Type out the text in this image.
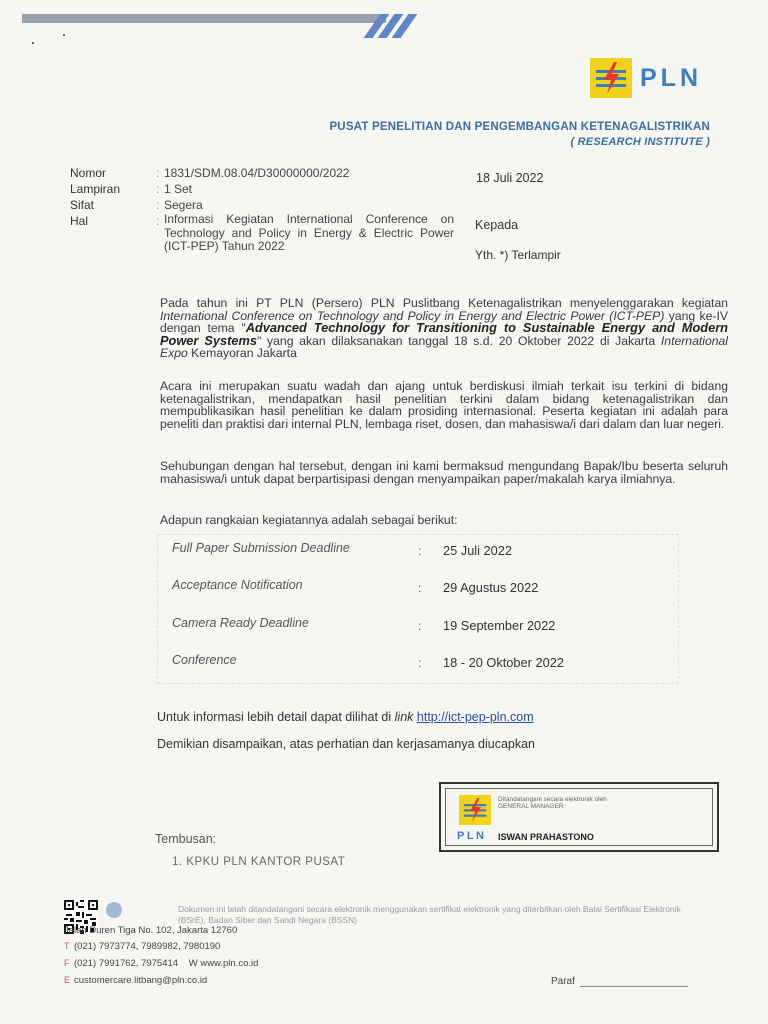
PLN
PUSAT PENELITIAN DAN PENGEMBANGAN KETENAGALISTRIKAN
( RESEARCH INSTITUTE )
Nomor	: 1831/SDM.08.04/D30000000/2022
Lampiran	: 1 Set
Sifat	: Segera
Hal	: Informasi Kegiatan International Conference on Technology and Policy in Energy & Electric Power (ICT-PEP) Tahun 2022
18 Juli 2022
Kepada
Yth. *) Terlampir
Pada tahun ini PT PLN (Persero) PLN Puslitbang Ketenagalistrikan menyelenggarakan kegiatan International Conference on Technology and Policy in Energy and Electric Power (ICT-PEP) yang ke-IV dengan tema "Advanced Technology for Transitioning to Sustainable Energy and Modern Power Systems" yang akan dilaksanakan tanggal 18 s.d. 20 Oktober 2022 di Jakarta International Expo Kemayoran Jakarta
Acara ini merupakan suatu wadah dan ajang untuk berdiskusi ilmiah terkait isu terkini di bidang ketenagalistrikan, mendapatkan hasil penelitian terkini dalam bidang ketenagalistrikan dan mempublikasikan hasil penelitian ke dalam prosiding internasional. Peserta kegiatan ini adalah para peneliti dan praktisi dari internal PLN, lembaga riset, dosen, dan mahasiswa/i dari dalam dan luar negeri.
Sehubungan dengan hal tersebut, dengan ini kami bermaksud mengundang Bapak/Ibu beserta seluruh mahasiswa/i untuk dapat berpartisipasi dengan menyampaikan paper/makalah karya ilmiahnya.
Adapun rangkaian kegiatannya adalah sebagai berikut:
Full Paper Submission Deadline	: 25 Juli 2022
Acceptance Notification	: 29 Agustus 2022
Camera Ready Deadline	: 19 September 2022
Conference	: 18 - 20 Oktober 2022
Untuk informasi lebih detail dapat dilihat di link http://ict-pep-pln.com
Demikian disampaikan, atas perhatian dan kerjasamanya diucapkan
PLN
Ditandatangani secara elektronik oleh
GENERAL MANAGER
ISWAN PRAHASTONO
Tembusan:
1. KPKU PLN KANTOR PUSAT
Dokumen ini telah ditandatangani secara elektronik menggunakan sertifikat elektronik yang diterbitkan oleh Balai Sertifikasi Elektronik (BSrE), Badan Siber dan Sandi Negara (BSSN)
Jalan Duren Tiga No. 102, Jakarta 12760
T (021) 7973774, 7989982, 7980190
F (021) 7991762, 7975414 W www.pln.co.id
E customercare.litbang@pln.co.id	Paraf
